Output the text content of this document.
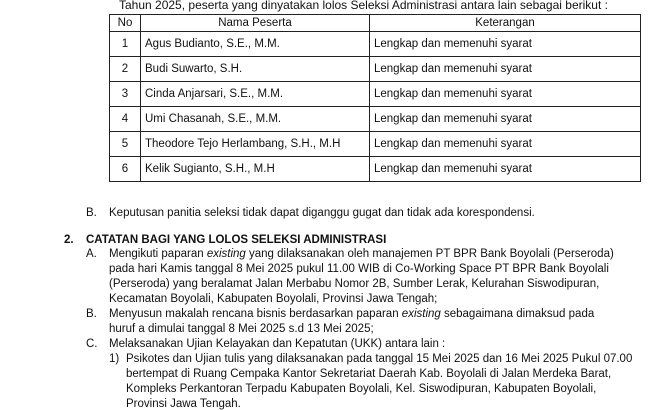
Tahun 2025, peserta yang dinyatakan lolos Seleksi Administrasi antara lain sebagai berikut :
No	Nama Peserta	Keterangan
1	Agus Budianto, S.E., M.M.	Lengkap dan memenuhi syarat
2	Budi Suwarto, S.H.	Lengkap dan memenuhi syarat
3	Cinda Anjarsari, S.E., M.M.	Lengkap dan memenuhi syarat
4	Umi Chasanah, S.E., M.M.	Lengkap dan memenuhi syarat
5	Theodore Tejo Herlambang, S.H., M.H	Lengkap dan memenuhi syarat
6	Kelik Sugianto, S.H., M.H	Lengkap dan memenuhi syarat
B. Keputusan panitia seleksi tidak dapat diganggu gugat dan tidak ada korespondensi.
2. CATATAN BAGI YANG LOLOS SELEKSI ADMINISTRASI
A. Mengikuti paparan existing yang dilaksanakan oleh manajemen PT BPR Bank Boyolali (Perseroda)
pada hari Kamis tanggal 8 Mei 2025 pukul 11.00 WIB di Co-Working Space PT BPR Bank Boyolali
(Perseroda) yang beralamat Jalan Merbabu Nomor 2B, Sumber Lerak, Kelurahan Siswodipuran,
Kecamatan Boyolali, Kabupaten Boyolali, Provinsi Jawa Tengah;
B. Menyusun makalah rencana bisnis berdasarkan paparan existing sebagaimana dimaksud pada
huruf a dimulai tanggal 8 Mei 2025 s.d 13 Mei 2025;
C. Melaksanakan Ujian Kelayakan dan Kepatutan (UKK) antara lain :
1) Psikotes dan Ujian tulis yang dilaksanakan pada tanggal 15 Mei 2025 dan 16 Mei 2025 Pukul 07.00
bertempat di Ruang Cempaka Kantor Sekretariat Daerah Kab. Boyolali di Jalan Merdeka Barat,
Kompleks Perkantoran Terpadu Kabupaten Boyolali, Kel. Siswodipuran, Kabupaten Boyolali,
Provinsi Jawa Tengah.
